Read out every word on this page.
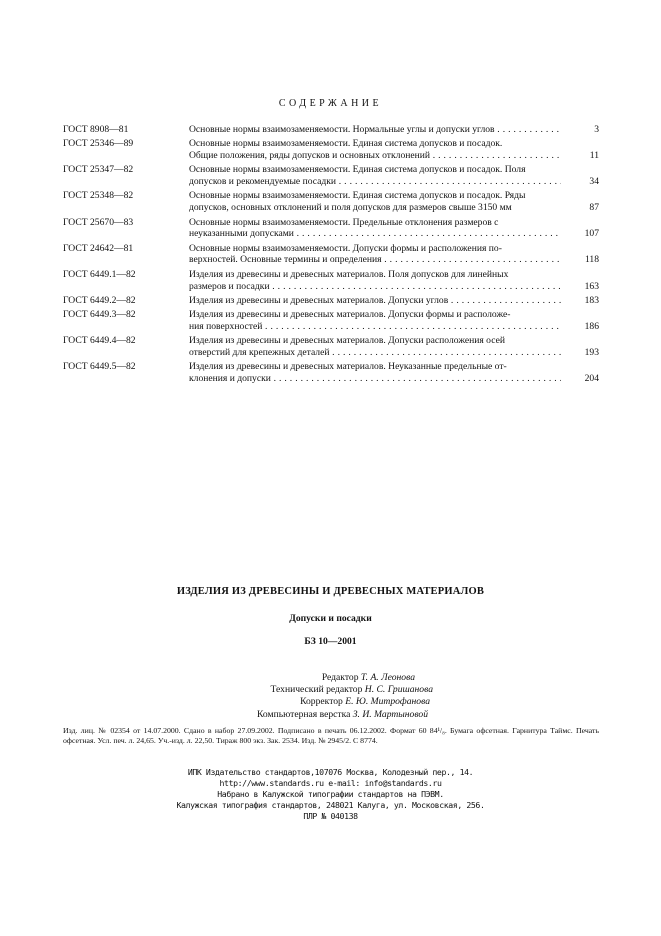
СОДЕРЖАНИЕ
ГОСТ 8908—81	Основные нормы взаимозаменяемости. Нормальные углы и допуски углов . . .	3
ГОСТ 25346—89	Основные нормы взаимозаменяемости. Единая система допусков и посадок.
Общие положения, ряды допусков и основных отклонений . . .	11
ГОСТ 25347—82	Основные нормы взаимозаменяемости. Единая система допусков и посадок. Поля
допусков и рекомендуемые посадки . . .	34
ГОСТ 25348—82	Основные нормы взаимозаменяемости. Единая система допусков и посадок. Ряды
допусков, основных отклонений и поля допусков для размеров свыше 3150 мм	87
ГОСТ 25670—83	Основные нормы взаимозаменяемости. Предельные отклонения размеров с
неуказанными допусками . . .	107
ГОСТ 24642—81	Основные нормы взаимозаменяемости. Допуски формы и расположения по-
верхностей. Основные термины и определения . . .	118
ГОСТ 6449.1—82	Изделия из древесины и древесных материалов. Поля допусков для линейных
размеров и посадки . . .	163
ГОСТ 6449.2—82	Изделия из древесины и древесных материалов. Допуски углов . . .	183
ГОСТ 6449.3—82	Изделия из древесины и древесных материалов. Допуски формы и расположе-
ния поверхностей . . .	186
ГОСТ 6449.4—82	Изделия из древесины и древесных материалов. Допуски расположения осей
отверстий для крепежных деталей . . .	193
ГОСТ 6449.5—82	Изделия из древесины и древесных материалов. Неуказанные предельные от-
клонения и допуски . . .	204
ИЗДЕЛИЯ ИЗ ДРЕВЕСИНЫ И ДРЕВЕСНЫХ МАТЕРИАЛОВ
Допуски и посадки
БЗ 10—2001
Редактор Т. А. Леонова
Технический редактор Н. С. Гришанова
Корректор Е. Ю. Митрофанова
Компьютерная верстка З. И. Мартыновой
Изд. лиц. № 02354 от 14.07.2000. Сдано в набор 27.09.2002. Подписано в печать 06.12.2002. Формат 60 84¹/₈. Бумага офсетная. Гарнитура Таймс. Печать офсетная. Усл. печ. л. 24,65. Уч.-изд. л. 22,50. Тираж 800 экз. Зак. 2534. Изд. № 2945/2. С 8774.
ИПК Издательство стандартов,107076 Москва, Колодезный пер., 14.
http://www.standards.ru e-mail: info@standards.ru
Набрано в Калужской типографии стандартов на ПЭВМ.
Калужская типография стандартов, 248021 Калуга, ул. Московская, 256.
ПЛР № 040138
